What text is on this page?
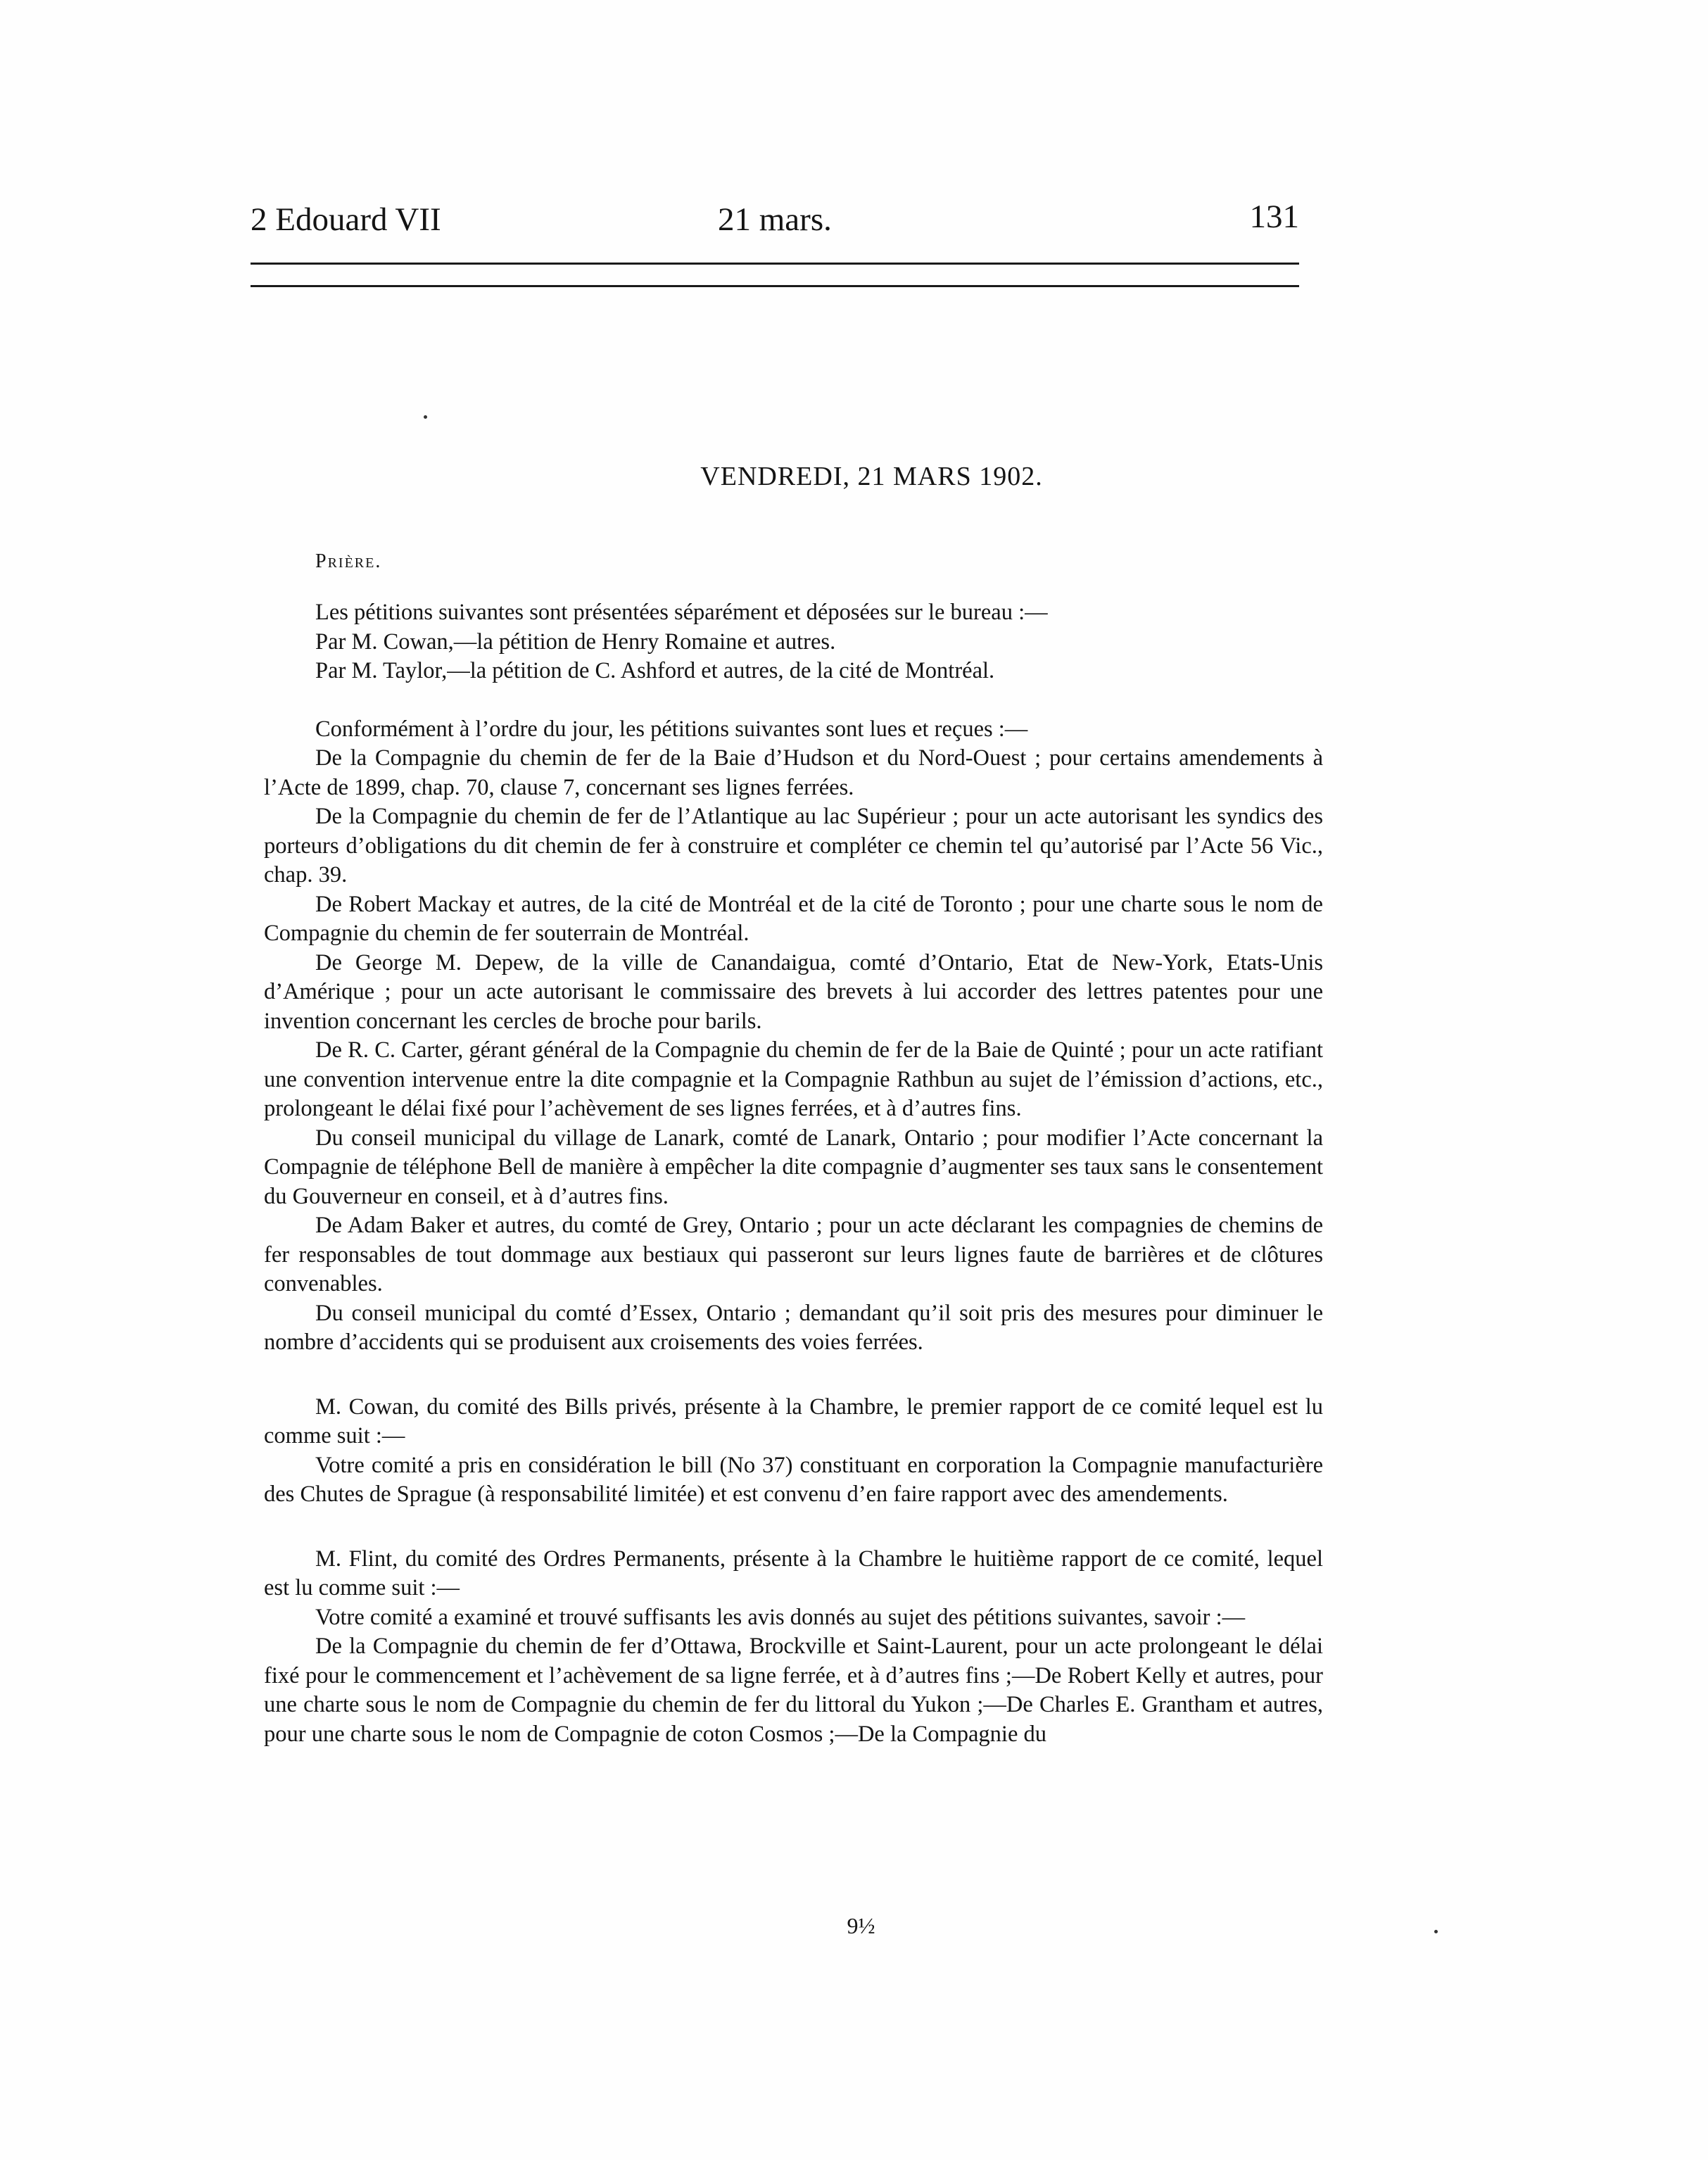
2 Edouard VII	21 mars.	131
VENDREDI, 21 MARS 1902.
Prière.

Les pétitions suivantes sont présentées séparément et déposées sur le bureau :—

Par M. Cowan,—la pétition de Henry Romaine et autres.

Par M. Taylor,—la pétition de C. Ashford et autres, de la cité de Montréal.

Conformément à l’ordre du jour, les pétitions suivantes sont lues et reçues :—

De la Compagnie du chemin de fer de la Baie d’Hudson et du Nord-Ouest ; pour certains amendements à l’Acte de 1899, chap. 70, clause 7, concernant ses lignes ferrées.

De la Compagnie du chemin de fer de l’Atlantique au lac Supérieur ; pour un acte autorisant les syndics des porteurs d’obligations du dit chemin de fer à construire et compléter ce chemin tel qu’autorisé par l’Acte 56 Vic., chap. 39.

De Robert Mackay et autres, de la cité de Montréal et de la cité de Toronto ; pour une charte sous le nom de Compagnie du chemin de fer souterrain de Montréal.

De George M. Depew, de la ville de Canandaigua, comté d’Ontario, Etat de New-York, Etats-Unis d’Amérique ; pour un acte autorisant le commissaire des brevets à lui accorder des lettres patentes pour une invention concernant les cercles de broche pour barils.

De R. C. Carter, gérant général de la Compagnie du chemin de fer de la Baie de Quinté ; pour un acte ratifiant une convention intervenue entre la dite compagnie et la Compagnie Rathbun au sujet de l’émission d’actions, etc., prolongeant le délai fixé pour l’achèvement de ses lignes ferrées, et à d’autres fins.

Du conseil municipal du village de Lanark, comté de Lanark, Ontario ; pour modifier l’Acte concernant la Compagnie de téléphone Bell de manière à empêcher la dite compagnie d’augmenter ses taux sans le consentement du Gouverneur en conseil, et à d’autres fins.

De Adam Baker et autres, du comté de Grey, Ontario ; pour un acte déclarant les compagnies de chemins de fer responsables de tout dommage aux bestiaux qui passeront sur leurs lignes faute de barrières et de clôtures convenables.

Du conseil municipal du comté d’Essex, Ontario ; demandant qu’il soit pris des mesures pour diminuer le nombre d’accidents qui se produisent aux croisements des voies ferrées.

M. Cowan, du comité des Bills privés, présente à la Chambre, le premier rapport de ce comité lequel est lu comme suit :—

Votre comité a pris en considération le bill (No 37) constituant en corporation la Compagnie manufacturière des Chutes de Sprague (à responsabilité limitée) et est convenu d’en faire rapport avec des amendements.

M. Flint, du comité des Ordres Permanents, présente à la Chambre le huitième rapport de ce comité, lequel est lu comme suit :—

Votre comité a examiné et trouvé suffisants les avis donnés au sujet des pétitions suivantes, savoir :—

De la Compagnie du chemin de fer d’Ottawa, Brockville et Saint-Laurent, pour un acte prolongeant le délai fixé pour le commencement et l’achèvement de sa ligne ferrée, et à d’autres fins ;—De Robert Kelly et autres, pour une charte sous le nom de Compagnie du chemin de fer du littoral du Yukon ;—De Charles E. Grantham et autres, pour une charte sous le nom de Compagnie de coton Cosmos ;—De la Compagnie du

9½
